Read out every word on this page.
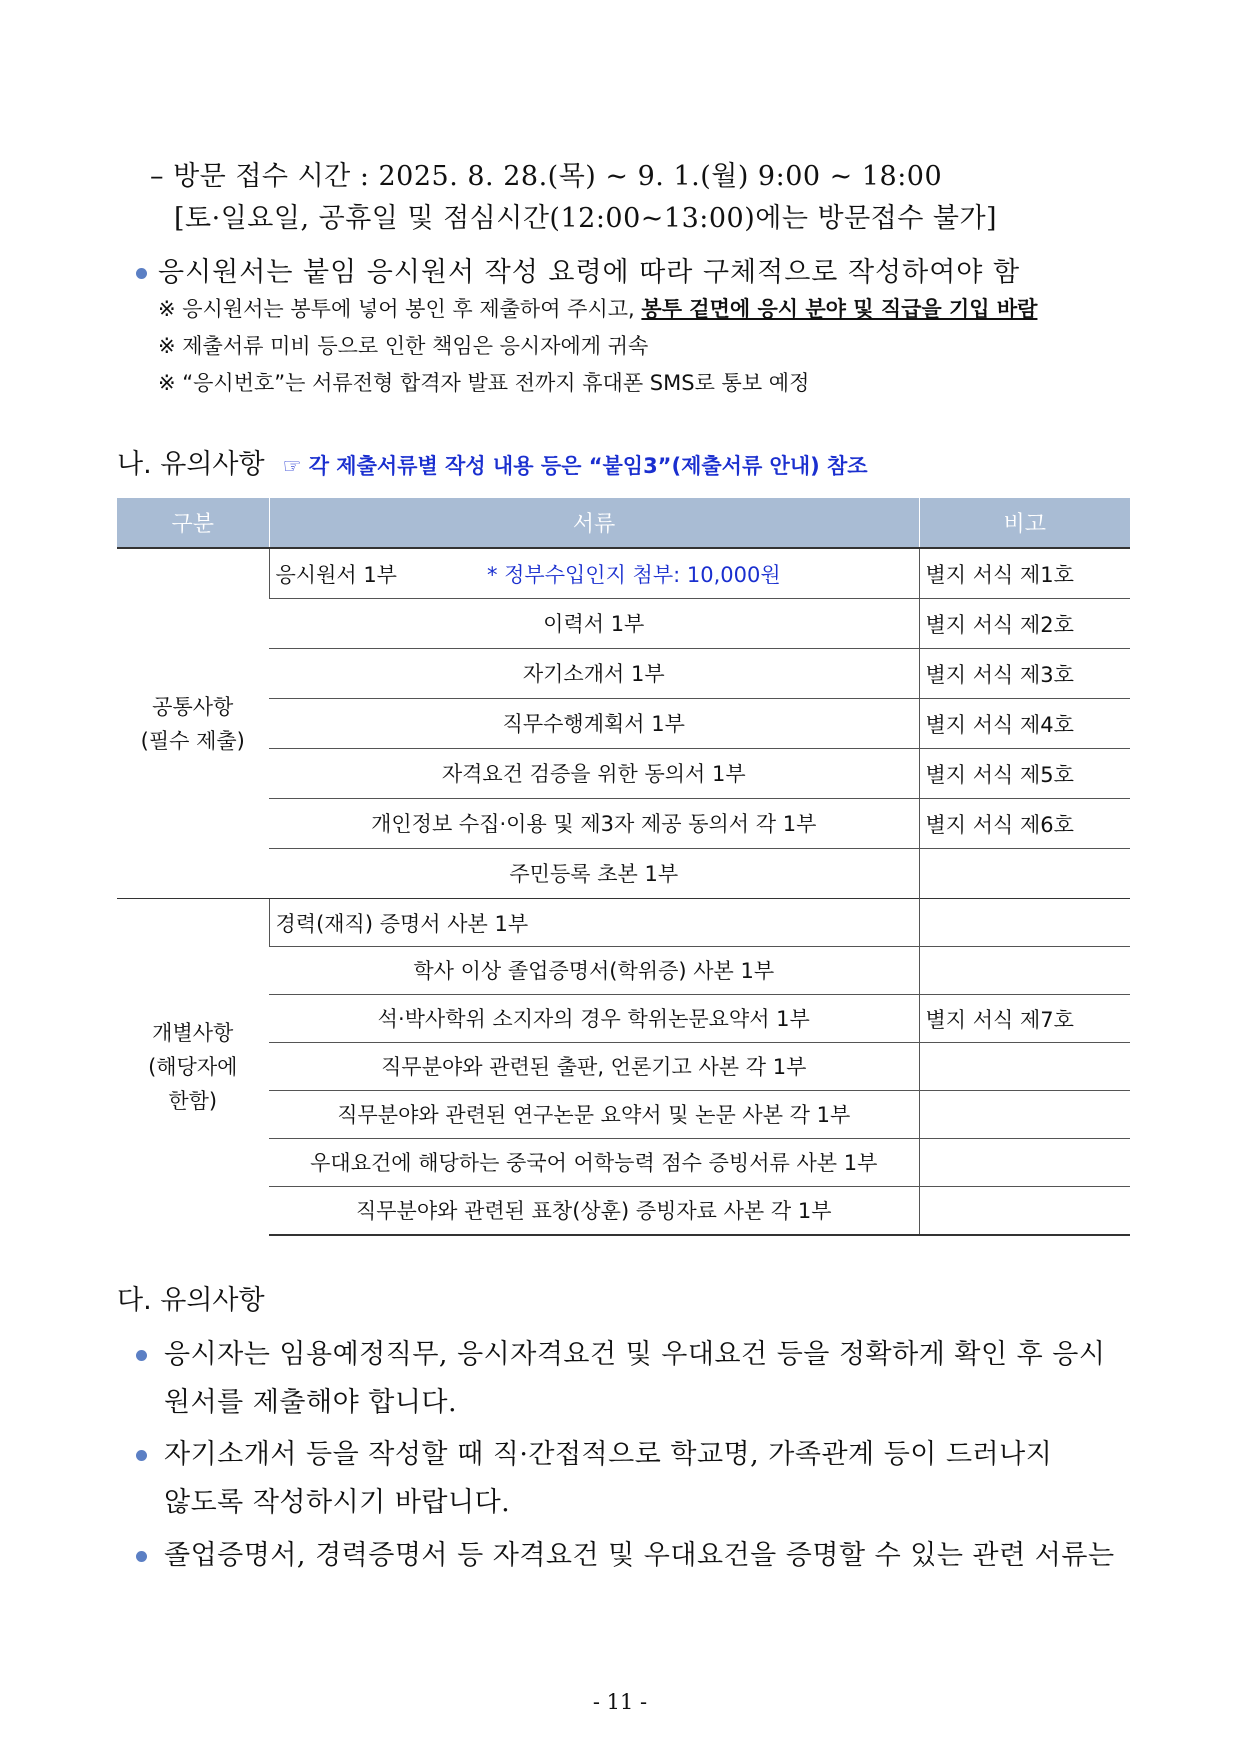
– 방문 접수 시간 : 2025. 8. 28.(목) ~ 9. 1.(월) 9:00 ~ 18:00
[토·일요일, 공휴일 및 점심시간(12:00~13:00)에는 방문접수 불가]
응시원서는 붙임 응시원서 작성 요령에 따라 구체적으로 작성하여야 함
※ 응시원서는 봉투에 넣어 봉인 후 제출하여 주시고, 봉투 겉면에 응시 분야 및 직급을 기입 바람
※ 제출서류 미비 등으로 인한 책임은 응시자에게 귀속
※ “응시번호”는 서류전형 합격자 발표 전까지 휴대폰 SMS로 통보 예정
나. 유의사항 ☞ 각 제출서류별 작성 내용 등은 “붙임3”(제출서류 안내) 참조
구분	서류	비고
공통사항
(필수 제출)	응시원서 1부 * 정부수입인지 첨부: 10,000원	별지 서식 제1호
	이력서 1부	별지 서식 제2호
	자기소개서 1부	별지 서식 제3호
	직무수행계획서 1부	별지 서식 제4호
	자격요건 검증을 위한 동의서 1부	별지 서식 제5호
	개인정보 수집·이용 및 제3자 제공 동의서 각 1부	별지 서식 제6호
	주민등록 초본 1부	
개별사항
(해당자에
한함)	경력(재직) 증명서 사본 1부	
	학사 이상 졸업증명서(학위증) 사본 1부	
	석·박사학위 소지자의 경우 학위논문요약서 1부	별지 서식 제7호
	직무분야와 관련된 출판, 언론기고 사본 각 1부	
	직무분야와 관련된 연구논문 요약서 및 논문 사본 각 1부	
	우대요건에 해당하는 중국어 어학능력 점수 증빙서류 사본 1부	
	직무분야와 관련된 표창(상훈) 증빙자료 사본 각 1부	
다. 유의사항
응시자는 임용예정직무, 응시자격요건 및 우대요건 등을 정확하게 확인 후 응시
원서를 제출해야 합니다.
자기소개서 등을 작성할 때 직·간접적으로 학교명, 가족관계 등이 드러나지
않도록 작성하시기 바랍니다.
졸업증명서, 경력증명서 등 자격요건 및 우대요건을 증명할 수 있는 관련 서류는
- 11 -
